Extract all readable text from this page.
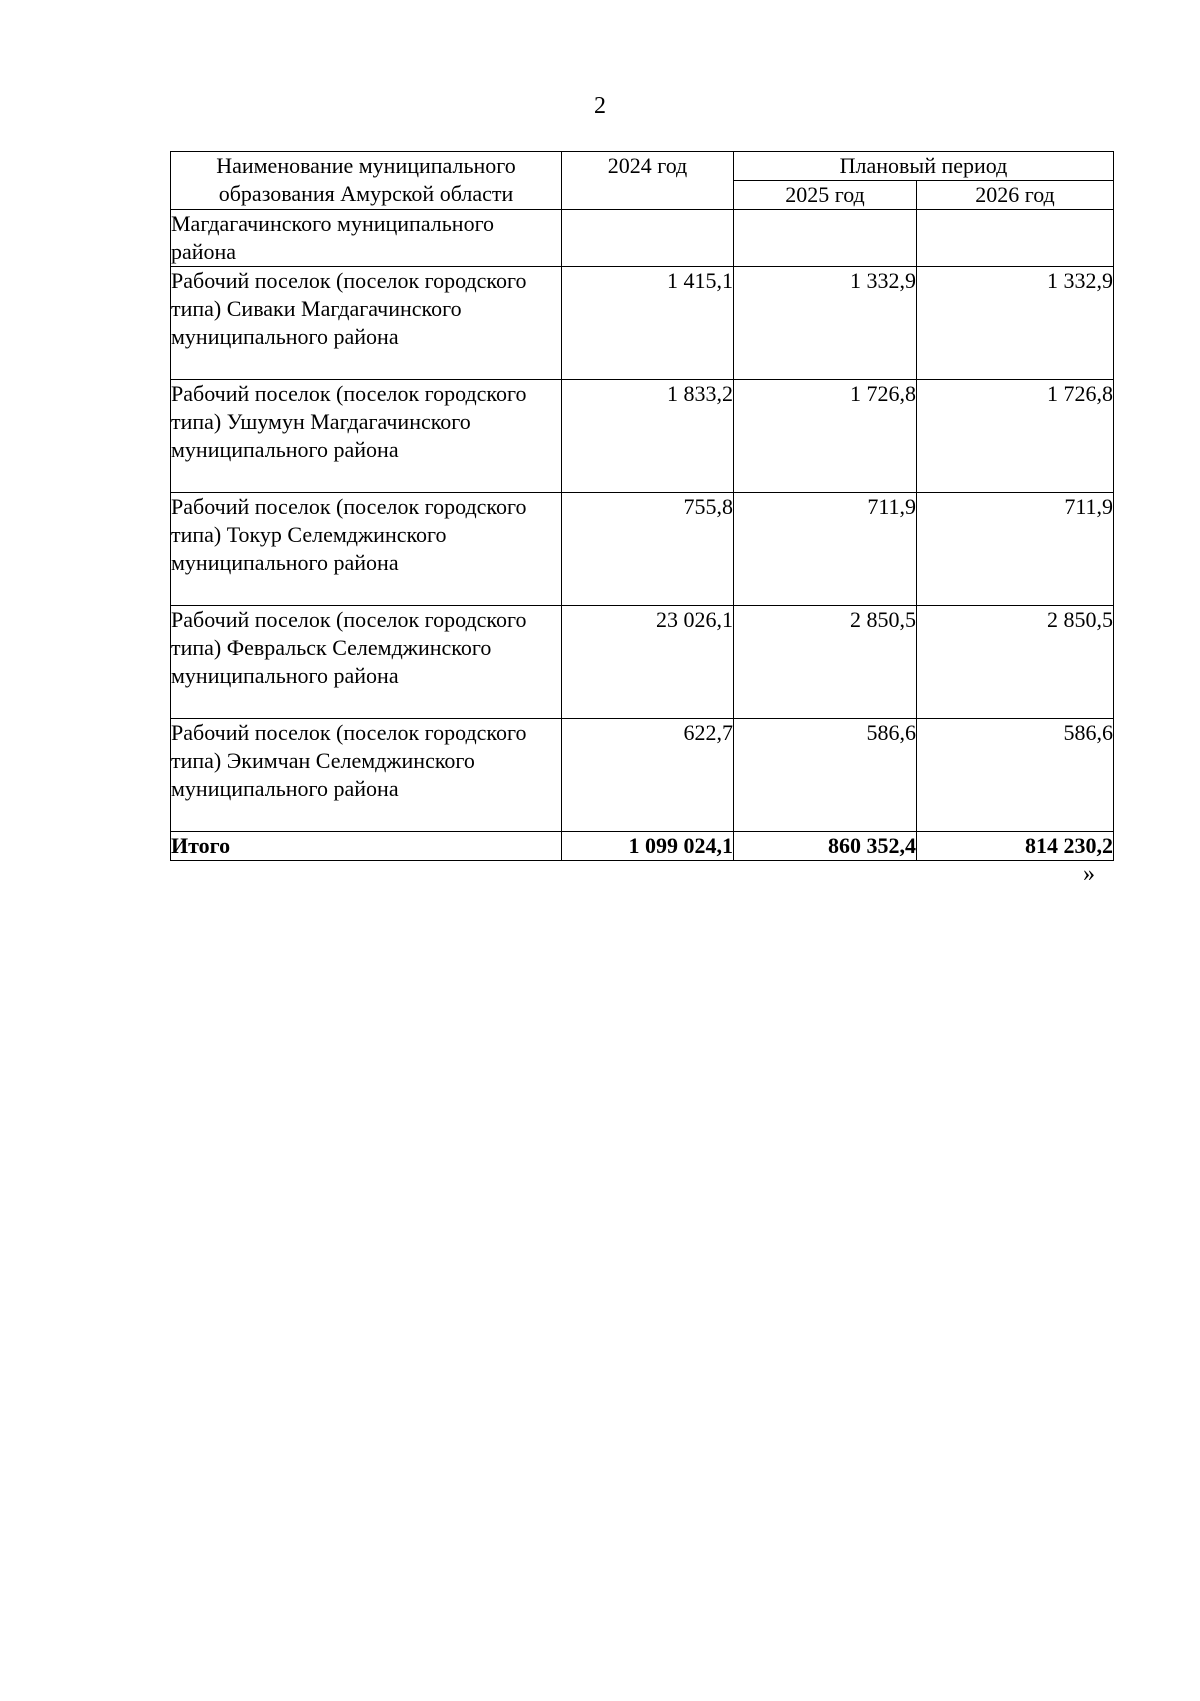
2
Наименование муниципального образования Амурской области	2024 год	Плановый период	
		2025 год	2026 год
Магдагачинского муниципального района			
Рабочий поселок (поселок городского типа) Сиваки Магдагачинского муниципального района	1 415,1	1 332,9	1 332,9
Рабочий поселок (поселок городского типа) Ушумун Магдагачинского муниципального района	1 833,2	1 726,8	1 726,8
Рабочий поселок (поселок городского типа) Токур Селемджинского муниципального района	755,8	711,9	711,9
Рабочий поселок (поселок городского типа) Февральск Селемджинского муниципального района	23 026,1	2 850,5	2 850,5
Рабочий поселок (поселок городского типа) Экимчан Селемджинского муниципального района	622,7	586,6	586,6
Итого	1 099 024,1	860 352,4	814 230,2
»
